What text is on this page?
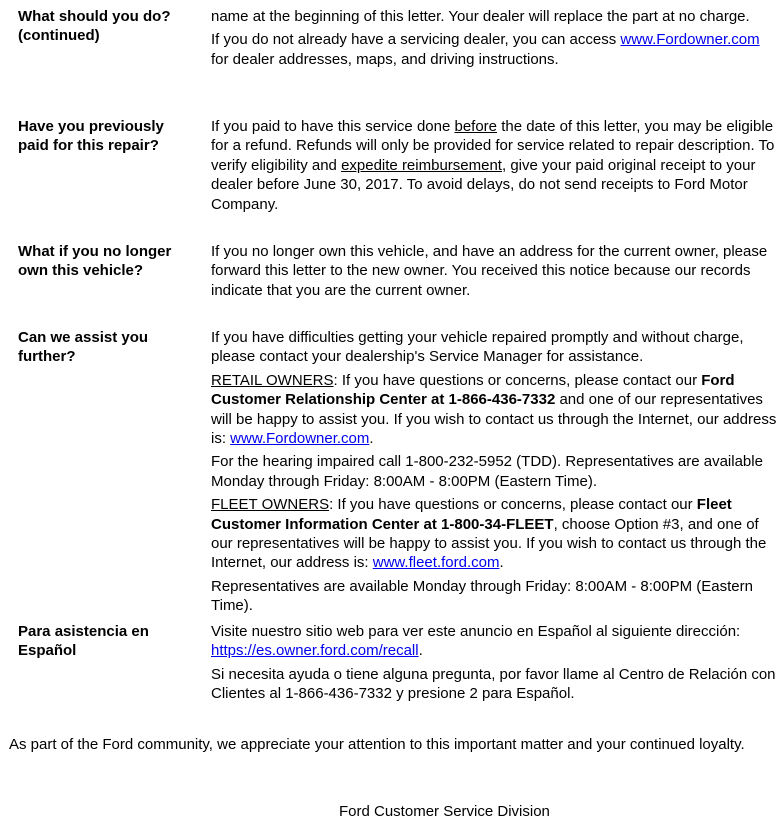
What should you do?
(continued)

name at the beginning of this letter. Your dealer will replace the part at no charge.

If you do not already have a servicing dealer, you can access www.Fordowner.com for dealer addresses, maps, and driving instructions.

Have you previously
paid for this repair?

If you paid to have this service done before the date of this letter, you may be eligible for a refund. Refunds will only be provided for service related to repair description. To verify eligibility and expedite reimbursement, give your paid original receipt to your dealer before June 30, 2017. To avoid delays, do not send receipts to Ford Motor Company.

What if you no longer
own this vehicle?

If you no longer own this vehicle, and have an address for the current owner, please forward this letter to the new owner. You received this notice because our records indicate that you are the current owner.

Can we assist you
further?

If you have difficulties getting your vehicle repaired promptly and without charge, please contact your dealership's Service Manager for assistance.

RETAIL OWNERS: If you have questions or concerns, please contact our Ford Customer Relationship Center at 1-866-436-7332 and one of our representatives will be happy to assist you. If you wish to contact us through the Internet, our address is: www.Fordowner.com.

For the hearing impaired call 1-800-232-5952 (TDD). Representatives are available Monday through Friday: 8:00AM - 8:00PM (Eastern Time).

FLEET OWNERS: If you have questions or concerns, please contact our Fleet Customer Information Center at 1-800-34-FLEET, choose Option #3, and one of our representatives will be happy to assist you. If you wish to contact us through the Internet, our address is: www.fleet.ford.com.

Representatives are available Monday through Friday: 8:00AM - 8:00PM (Eastern Time).

Para asistencia en
Español

Visite nuestro sitio web para ver este anuncio en Español al siguiente dirección: https://es.owner.ford.com/recall.

Si necesita ayuda o tiene alguna pregunta, por favor llame al Centro de Relación con Clientes al 1-866-436-7332 y presione 2 para Español.

As part of the Ford community, we appreciate your attention to this important matter and your continued loyalty.
Ford Customer Service Division
